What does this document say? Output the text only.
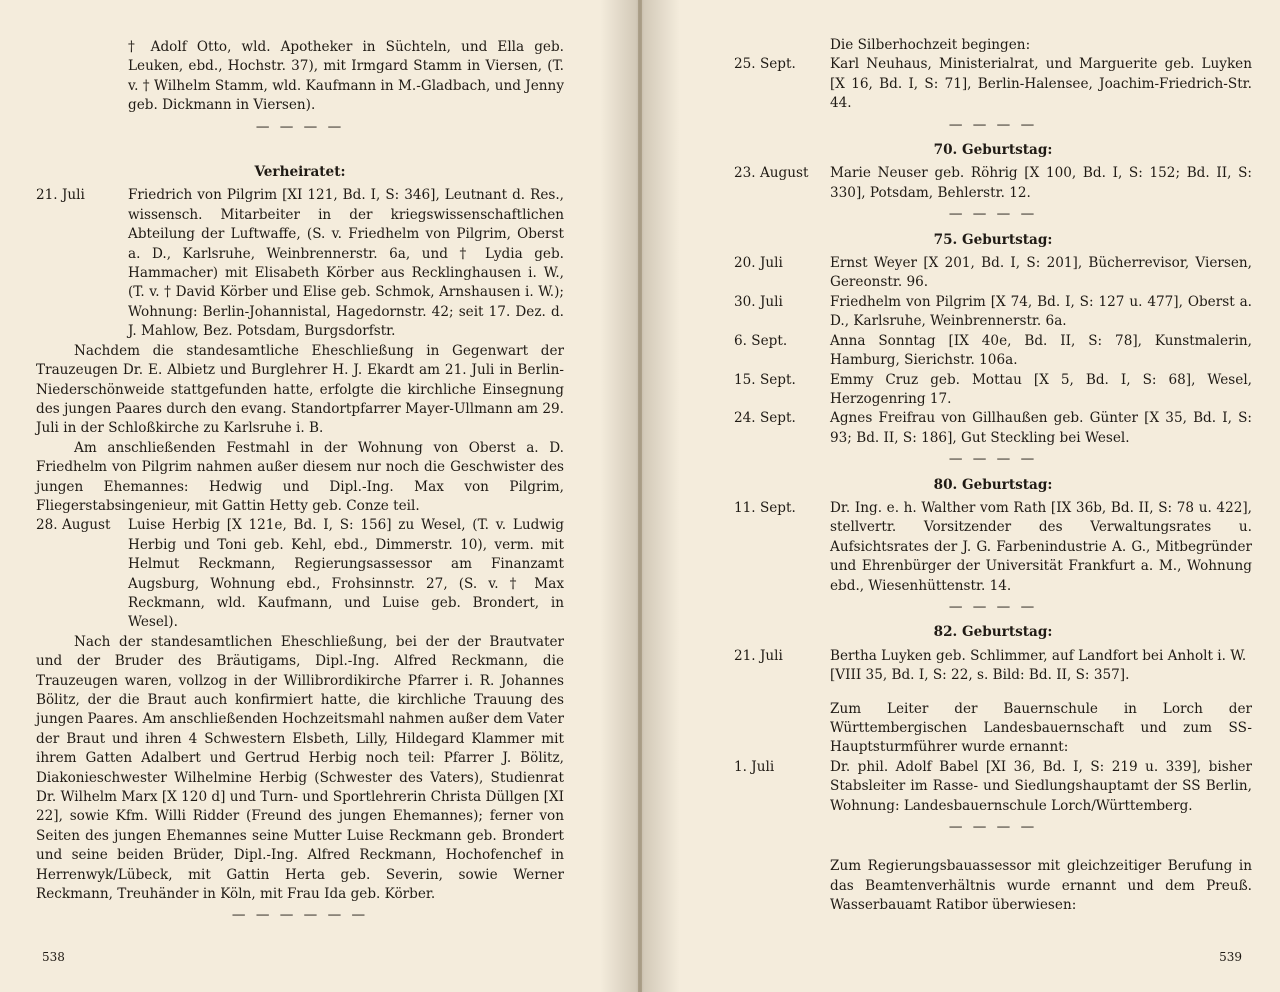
† Adolf Otto, wld. Apotheker in Süchteln, und Ella geb. Leuken, ebd., Hochstr. 37), mit Irmgard Stamm in Viersen, (T. v. † Wilhelm Stamm, wld. Kaufmann in M.-Gladbach, und Jenny geb. Dickmann in Viersen).
— — — —
Verheiratet:
21. Juli	Friedrich von Pilgrim [XI 121, Bd. I, S: 346], Leutnant d. Res., wissensch. Mitarbeiter in der kriegswissenschaftlichen Abteilung der Luftwaffe, (S. v. Friedhelm von Pilgrim, Oberst a. D., Karlsruhe, Weinbrennerstr. 6a, und † Lydia geb. Hammacher) mit Elisabeth Körber aus Recklinghausen i. W., (T. v. † David Körber und Elise geb. Schmok, Arnshausen i. W.); Wohnung: Berlin-Johannistal, Hagedornstr. 42; seit 17. Dez. d. J. Mahlow, Bez. Potsdam, Burgsdorfstr.
Nachdem die standesamtliche Eheschließung in Gegenwart der Trauzeugen Dr. E. Albietz und Burglehrer H. J. Ekardt am 21. Juli in Berlin-Niederschönweide stattgefunden hatte, erfolgte die kirchliche Einsegnung des jungen Paares durch den evang. Standortpfarrer Mayer-Ullmann am 29. Juli in der Schloßkirche zu Karlsruhe i. B.
Am anschließenden Festmahl in der Wohnung von Oberst a. D. Friedhelm von Pilgrim nahmen außer diesem nur noch die Geschwister des jungen Ehemannes: Hedwig und Dipl.-Ing. Max von Pilgrim, Fliegerstabsingenieur, mit Gattin Hetty geb. Conze teil.
28. August	Luise Herbig [X 121e, Bd. I, S: 156] zu Wesel, (T. v. Ludwig Herbig und Toni geb. Kehl, ebd., Dimmerstr. 10), verm. mit Helmut Reckmann, Regierungsassessor am Finanzamt Augsburg, Wohnung ebd., Frohsinnstr. 27, (S. v. † Max Reckmann, wld. Kaufmann, und Luise geb. Brondert, in Wesel).
Nach der standesamtlichen Eheschließung, bei der der Brautvater und der Bruder des Bräutigams, Dipl.-Ing. Alfred Reckmann, die Trauzeugen waren, vollzog in der Willibrordikirche Pfarrer i. R. Johannes Bölitz, der die Braut auch konfirmiert hatte, die kirchliche Trauung des jungen Paares. Am anschließenden Hochzeitsmahl nahmen außer dem Vater der Braut und ihren 4 Schwestern Elsbeth, Lilly, Hildegard Klammer mit ihrem Gatten Adalbert und Gertrud Herbig noch teil: Pfarrer J. Bölitz, Diakonieschwester Wilhelmine Herbig (Schwester des Vaters), Studienrat Dr. Wilhelm Marx [X 120 d] und Turn- und Sportlehrerin Christa Düllgen [XI 22], sowie Kfm. Willi Ridder (Freund des jungen Ehemannes); ferner von Seiten des jungen Ehemannes seine Mutter Luise Reckmann geb. Brondert und seine beiden Brüder, Dipl.-Ing. Alfred Reckmann, Hochofenchef in Herrenwyk/Lübeck, mit Gattin Herta geb. Severin, sowie Werner Reckmann, Treuhänder in Köln, mit Frau Ida geb. Körber.
— — — — — —
538
Die Silberhochzeit begingen:
25. Sept.	Karl Neuhaus, Ministerialrat, und Marguerite geb. Luyken [X 16, Bd. I, S: 71], Berlin-Halensee, Joachim-Friedrich-Str. 44.
— — — —
70. Geburtstag:
23. August	Marie Neuser geb. Röhrig [X 100, Bd. I, S: 152; Bd. II, S: 330], Potsdam, Behlerstr. 12.
— — — —
75. Geburtstag:
20. Juli	Ernst Weyer [X 201, Bd. I, S: 201], Bücherrevisor, Viersen, Gereonstr. 96.
30. Juli	Friedhelm von Pilgrim [X 74, Bd. I, S: 127 u. 477], Oberst a. D., Karlsruhe, Weinbrennerstr. 6a.
6. Sept.	Anna Sonntag [IX 40e, Bd. II, S: 78], Kunstmalerin, Hamburg, Sierichstr. 106a.
15. Sept.	Emmy Cruz geb. Mottau [X 5, Bd. I, S: 68], Wesel, Herzogenring 17.
24. Sept.	Agnes Freifrau von Gillhaußen geb. Günter [X 35, Bd. I, S: 93; Bd. II, S: 186], Gut Steckling bei Wesel.
— — — —
80. Geburtstag:
11. Sept.	Dr. Ing. e. h. Walther vom Rath [IX 36b, Bd. II, S: 78 u. 422], stellvertr. Vorsitzender des Verwaltungsrates u. Aufsichtsrates der J. G. Farbenindustrie A. G., Mitbegründer und Ehrenbürger der Universität Frankfurt a. M., Wohnung ebd., Wiesenhüttenstr. 14.
— — — —
82. Geburtstag:
21. Juli	Bertha Luyken geb. Schlimmer, auf Landfort bei Anholt i. W.
[VIII 35, Bd. I, S: 22, s. Bild: Bd. II, S: 357].
Zum Leiter der Bauernschule in Lorch der Württembergischen Landesbauernschaft und zum SS-Hauptsturmführer wurde ernannt:
1. Juli	Dr. phil. Adolf Babel [XI 36, Bd. I, S: 219 u. 339], bisher Stabsleiter im Rasse- und Siedlungshauptamt der SS Berlin, Wohnung: Landesbauernschule Lorch/Württemberg.
— — — —
Zum Regierungsbauassessor mit gleichzeitiger Berufung in das Beamtenverhältnis wurde ernannt und dem Preuß. Wasserbauamt Ratibor überwiesen:
539
